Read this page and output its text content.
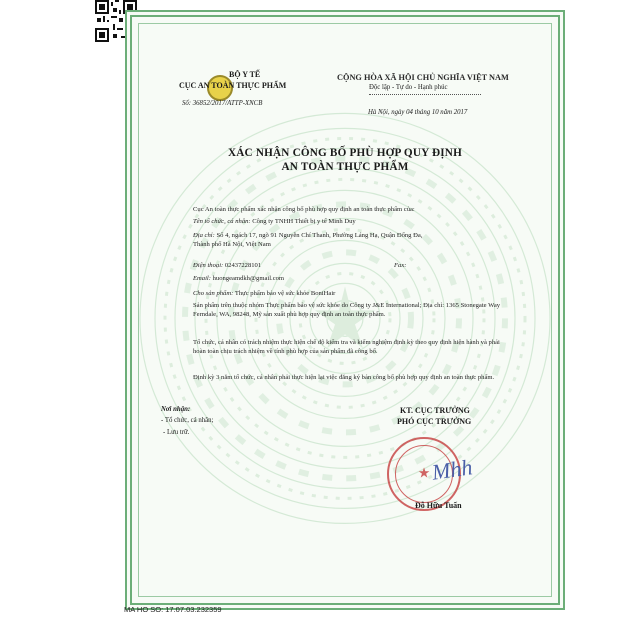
BỘ Y TẾ
CỤC AN TOÀN THỰC PHẨM
Số: 36852/2017/ATTP-XNCB
CỘNG HÒA XÃ HỘI CHỦ NGHĨA VIỆT NAM
Độc lập - Tự do - Hạnh phúc
Hà Nội, ngày 04 tháng 10 năm 2017
XÁC NHẬN CÔNG BỐ PHÙ HỢP QUY ĐỊNH
AN TOÀN THỰC PHẨM
Cục An toàn thực phẩm xác nhận công bố phù hợp quy định an toàn thực phẩm của:
Tên tổ chức, cá nhân: Công ty TNHH Thiết bị y tế Minh Duy
Địa chỉ: Số 4, ngách 17, ngõ 91 Nguyễn Chí Thanh, Phường Láng Hạ, Quận Đống Đa,
Thành phố Hà Nội, Việt Nam
Điện thoại: 02437228101	Fax:
Email: huongeamdkh@gmail.com
Cho sản phẩm: Thực phẩm bảo vệ sức khỏe BoniHair
Sản phẩm trên thuộc nhóm Thực phẩm bảo vệ sức khỏe do Công ty J&E International; Địa chỉ: 1365 Stonegate Way Ferndale, WA, 98248, Mỹ sản xuất phù hợp quy định an toàn thực phẩm.
Tổ chức, cá nhân có trách nhiệm thực hiện chế độ kiểm tra và kiểm nghiệm định kỳ theo quy định hiện hành và phải hoàn toàn chịu trách nhiệm về tính phù hợp của sản phẩm đã công bố.
Định kỳ 3 năm tổ chức, cá nhân phải thực hiện lại việc đăng ký bản công bố phù hợp quy định an toàn thực phẩm.
Nơi nhận:
- Tổ chức, cá nhân;
- Lưu trữ.
KT. CỤC TRƯỞNG
PHÓ CỤC TRƯỞNG
★ Mhh
Đỗ Hữu Tuấn
MA HO SO: 17.07.03.232359
